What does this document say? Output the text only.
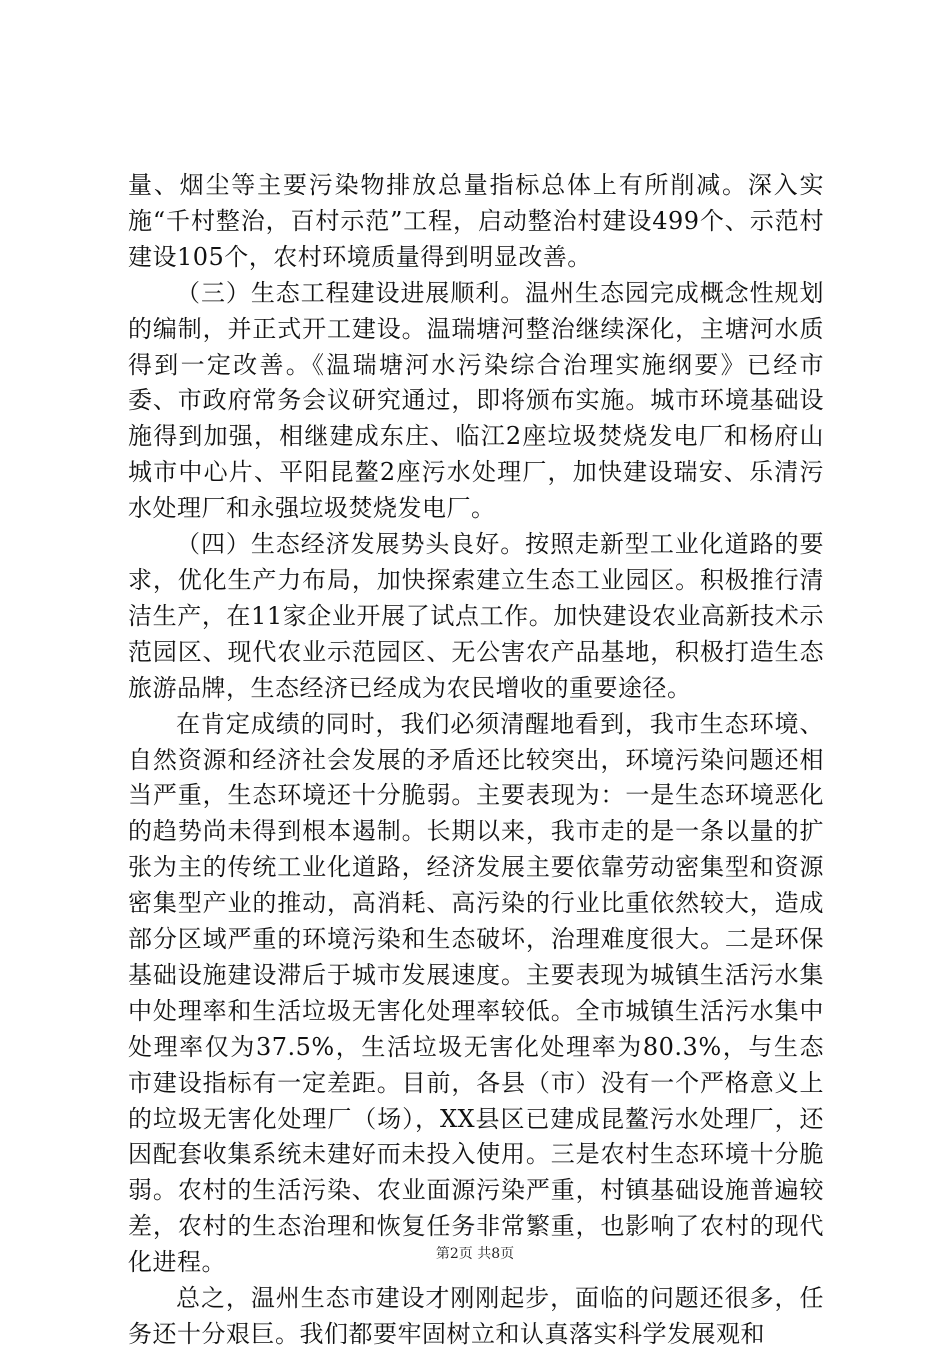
量、烟尘等主要污染物排放总量指标总体上有所削减。深入实施“千村整治，百村示范”工程，启动整治村建设499个、示范村建设105个，农村环境质量得到明显改善。

（三）生态工程建设进展顺利。温州生态园完成概念性规划的编制，并正式开工建设。温瑞塘河整治继续深化，主塘河水质得到一定改善。《温瑞塘河水污染综合治理实施纲要》已经市委、市政府常务会议研究通过，即将颁布实施。城市环境基础设施得到加强，相继建成东庄、临江2座垃圾焚烧发电厂和杨府山城市中心片、平阳昆鳌2座污水处理厂，加快建设瑞安、乐清污水处理厂和永强垃圾焚烧发电厂。

（四）生态经济发展势头良好。按照走新型工业化道路的要求，优化生产力布局，加快探索建立生态工业园区。积极推行清洁生产，在11家企业开展了试点工作。加快建设农业高新技术示范园区、现代农业示范园区、无公害农产品基地，积极打造生态旅游品牌，生态经济已经成为农民增收的重要途径。

在肯定成绩的同时，我们必须清醒地看到，我市生态环境、自然资源和经济社会发展的矛盾还比较突出，环境污染问题还相当严重，生态环境还十分脆弱。主要表现为：一是生态环境恶化的趋势尚未得到根本遏制。长期以来，我市走的是一条以量的扩张为主的传统工业化道路，经济发展主要依靠劳动密集型和资源密集型产业的推动，高消耗、高污染的行业比重依然较大，造成部分区域严重的环境污染和生态破坏，治理难度很大。二是环保基础设施建设滞后于城市发展速度。主要表现为城镇生活污水集中处理率和生活垃圾无害化处理率较低。全市城镇生活污水集中处理率仅为37.5%，生活垃圾无害化处理率为80.3%，与生态市建设指标有一定差距。目前，各县（市）没有一个严格意义上的垃圾无害化处理厂（场），XX县区已建成昆鳌污水处理厂，还因配套收集系统未建好而未投入使用。三是农村生态环境十分脆弱。农村的生活污染、农业面源污染严重，村镇基础设施普遍较差，农村的生态治理和恢复任务非常繁重，也影响了农村的现代化进程。

总之，温州生态市建设才刚刚起步，面临的问题还很多，任务还十分艰巨。我们都要牢固树立和认真落实科学发展观和

第2页 共8页
